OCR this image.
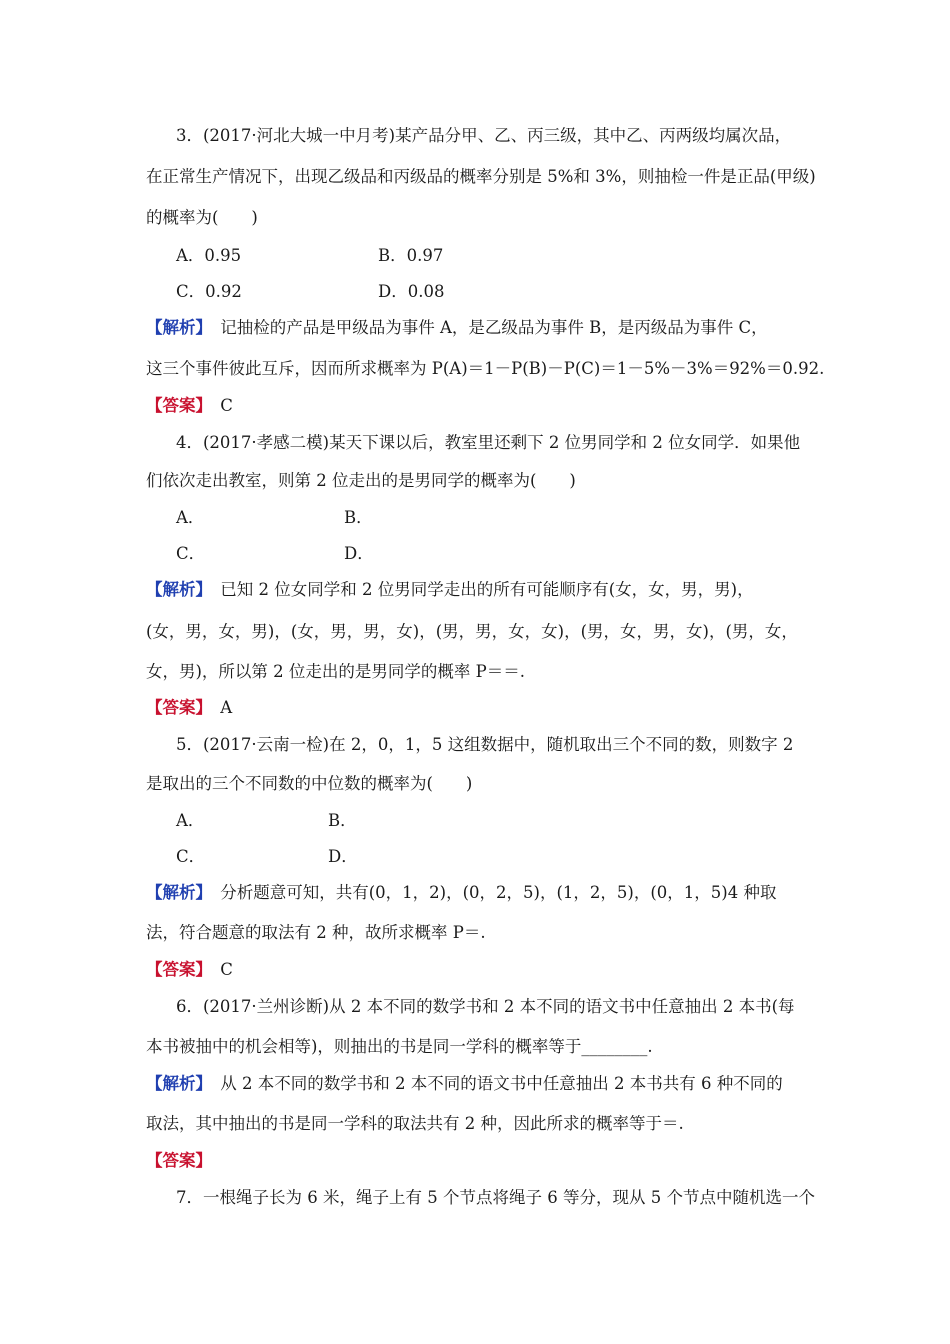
3．(2017·河北大城一中月考)某产品分甲、乙、丙三级，其中乙、丙两级均属次品，
在正常生产情况下，出现乙级品和丙级品的概率分别是 5%和 3%，则抽检一件是正品(甲级)
的概率为(　　)
A．0.95	B．0.97
C．0.92	D．0.08
【解析】　记抽检的产品是甲级品为事件 A，是乙级品为事件 B，是丙级品为事件 C，
这三个事件彼此互斥，因而所求概率为 P(A)＝1－P(B)－P(C)＝1－5%－3%＝92%＝0.92.
【答案】　C
4．(2017·孝感二模)某天下课以后，教室里还剩下 2 位男同学和 2 位女同学．如果他
们依次走出教室，则第 2 位走出的是男同学的概率为(　　)
A．	B．
C．	D．
【解析】　已知 2 位女同学和 2 位男同学走出的所有可能顺序有(女，女，男，男)，
(女，男，女，男)，(女，男，男，女)，(男，男，女，女)，(男，女，男，女)，(男，女，
女，男)，所以第 2 位走出的是男同学的概率 P＝＝.
【答案】　A
5．(2017·云南一检)在 2，0，1，5 这组数据中，随机取出三个不同的数，则数字 2
是取出的三个不同数的中位数的概率为(　　)
A．	B．
C．	D．
【解析】　分析题意可知，共有(0，1，2)，(0，2，5)，(1，2，5)，(0，1，5)4 种取
法，符合题意的取法有 2 种，故所求概率 P＝.
【答案】　C
6．(2017·兰州诊断)从 2 本不同的数学书和 2 本不同的语文书中任意抽出 2 本书(每
本书被抽中的机会相等)，则抽出的书是同一学科的概率等于________.
【解析】　从 2 本不同的数学书和 2 本不同的语文书中任意抽出 2 本书共有 6 种不同的
取法，其中抽出的书是同一学科的取法共有 2 种，因此所求的概率等于＝.
【答案】
7．一根绳子长为 6 米，绳子上有 5 个节点将绳子 6 等分，现从 5 个节点中随机选一个
